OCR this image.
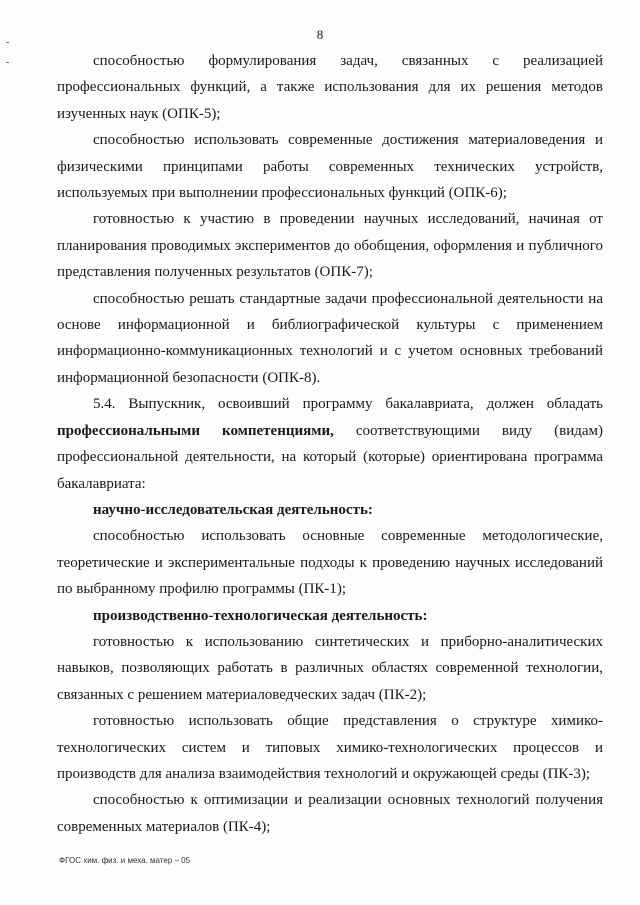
8

способностью формулирования задач, связанных с реализацией профессиональных функций, а также использования для их решения методов изученных наук (ОПК-5);

способностью использовать современные достижения материаловедения и физическими принципами работы современных технических устройств, используемых при выполнении профессиональных функций (ОПК-6);

готовностью к участию в проведении научных исследований, начиная от планирования проводимых экспериментов до обобщения, оформления и публичного представления полученных результатов (ОПК-7);

способностью решать стандартные задачи профессиональной деятельности на основе информационной и библиографической культуры с применением информационно-коммуникационных технологий и с учетом основных требований информационной безопасности (ОПК-8).

5.4. Выпускник, освоивший программу бакалавриата, должен обладать профессиональными компетенциями, соответствующими виду (видам) профессиональной деятельности, на который (которые) ориентирована программа бакалавриата:

научно-исследовательская деятельность:

способностью использовать основные современные методологические, теоретические и экспериментальные подходы к проведению научных исследований по выбранному профилю программы (ПК-1);

производственно-технологическая деятельность:

готовностью к использованию синтетических и приборно-аналитических навыков, позволяющих работать в различных областях современной технологии, связанных с решением материаловедческих задач (ПК-2);

готовностью использовать общие представления о структуре химико-технологических систем и типовых химико-технологических процессов и производств для анализа взаимодействия технологий и окружающей среды (ПК-3);

способностью к оптимизации и реализации основных технологий получения современных материалов (ПК-4);

ФГОС хим. физ. и меха. матер – 05
